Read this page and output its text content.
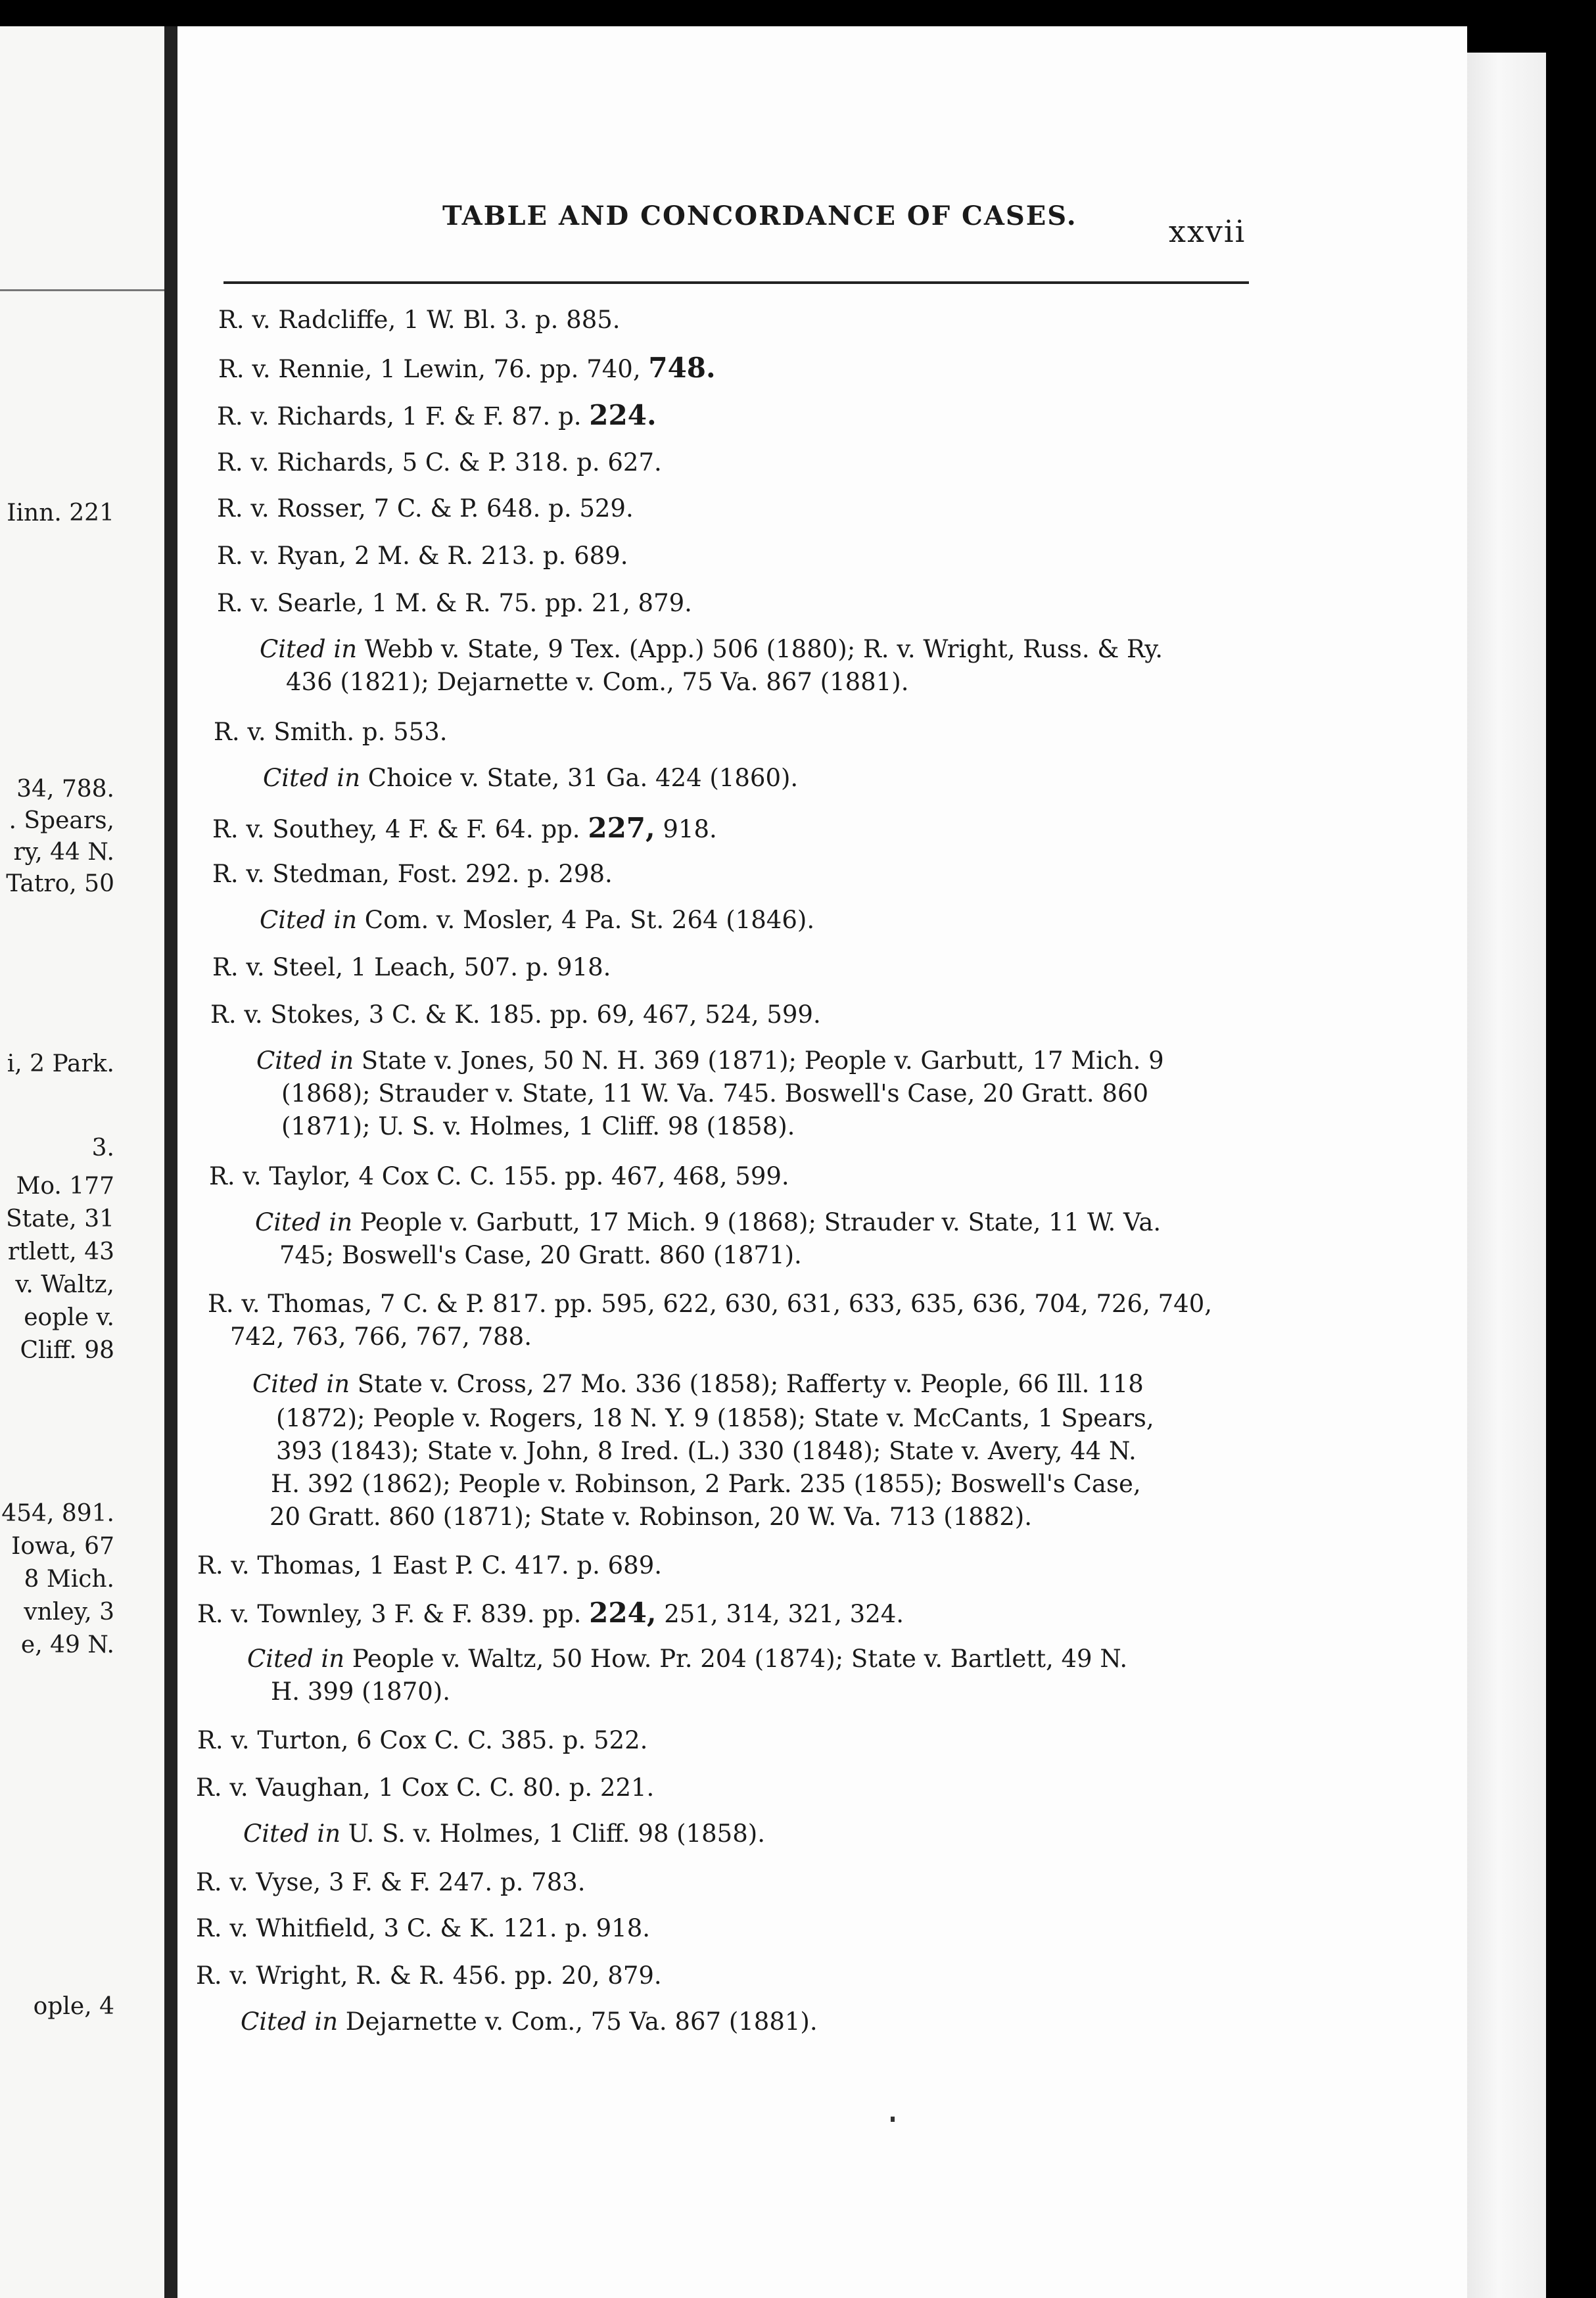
Iinn. 221
34, 788.
. Spears,
ry, 44 N.
Tatro, 50
i, 2 Park.
3.
Mo. 177
State, 31
rtlett, 43
v. Waltz,
eople v.
Cliff. 98
454, 891.
Iowa, 67
8 Mich.
vnley, 3
e, 49 N.
ople, 4
TABLE AND CONCORDANCE OF CASES.	xxvii
R. v. Radcliffe, 1 W. Bl. 3. p. 885.
R. v. Rennie, 1 Lewin, 76. pp. 740, 748.
R. v. Richards, 1 F. & F. 87. p. 224.
R. v. Richards, 5 C. & P. 318. p. 627.
R. v. Rosser, 7 C. & P. 648. p. 529.
R. v. Ryan, 2 M. & R. 213. p. 689.
R. v. Searle, 1 M. & R. 75. pp. 21, 879.
Cited in Webb v. State, 9 Tex. (App.) 506 (1880); R. v. Wright, Russ. & Ry.
436 (1821); Dejarnette v. Com., 75 Va. 867 (1881).
R. v. Smith. p. 553.
Cited in Choice v. State, 31 Ga. 424 (1860).
R. v. Southey, 4 F. & F. 64. pp. 227, 918.
R. v. Stedman, Fost. 292. p. 298.
Cited in Com. v. Mosler, 4 Pa. St. 264 (1846).
R. v. Steel, 1 Leach, 507. p. 918.
R. v. Stokes, 3 C. & K. 185. pp. 69, 467, 524, 599.
Cited in State v. Jones, 50 N. H. 369 (1871); People v. Garbutt, 17 Mich. 9
(1868); Strauder v. State, 11 W. Va. 745. Boswell's Case, 20 Gratt. 860
(1871); U. S. v. Holmes, 1 Cliff. 98 (1858).
R. v. Taylor, 4 Cox C. C. 155. pp. 467, 468, 599.
Cited in People v. Garbutt, 17 Mich. 9 (1868); Strauder v. State, 11 W. Va.
745; Boswell's Case, 20 Gratt. 860 (1871).
R. v. Thomas, 7 C. & P. 817. pp. 595, 622, 630, 631, 633, 635, 636, 704, 726, 740,
742, 763, 766, 767, 788.
Cited in State v. Cross, 27 Mo. 336 (1858); Rafferty v. People, 66 Ill. 118
(1872); People v. Rogers, 18 N. Y. 9 (1858); State v. McCants, 1 Spears,
393 (1843); State v. John, 8 Ired. (L.) 330 (1848); State v. Avery, 44 N.
H. 392 (1862); People v. Robinson, 2 Park. 235 (1855); Boswell's Case,
20 Gratt. 860 (1871); State v. Robinson, 20 W. Va. 713 (1882).
R. v. Thomas, 1 East P. C. 417. p. 689.
R. v. Townley, 3 F. & F. 839. pp. 224, 251, 314, 321, 324.
Cited in People v. Waltz, 50 How. Pr. 204 (1874); State v. Bartlett, 49 N.
H. 399 (1870).
R. v. Turton, 6 Cox C. C. 385. p. 522.
R. v. Vaughan, 1 Cox C. C. 80. p. 221.
Cited in U. S. v. Holmes, 1 Cliff. 98 (1858).
R. v. Vyse, 3 F. & F. 247. p. 783.
R. v. Whitfield, 3 C. & K. 121. p. 918.
R. v. Wright, R. & R. 456. pp. 20, 879.
Cited in Dejarnette v. Com., 75 Va. 867 (1881).
